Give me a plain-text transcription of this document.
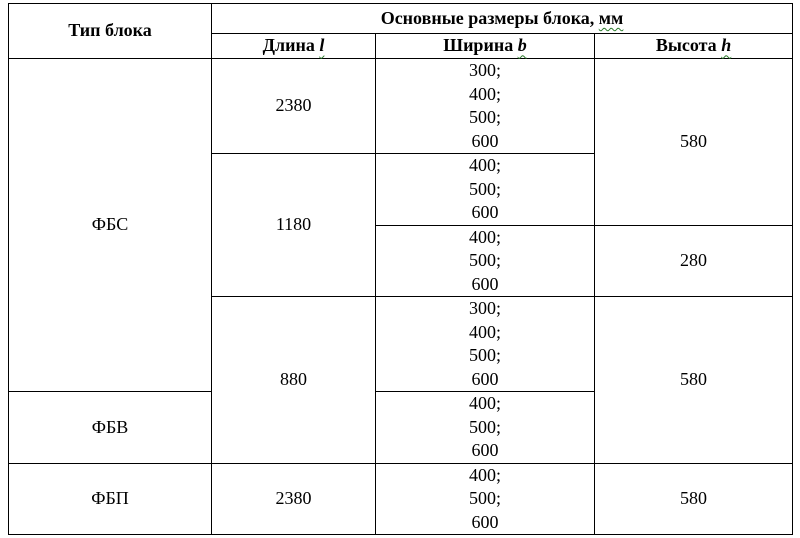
Тип блока	Основные размеры блока, мм		
	Длина l	Ширина b	Высота h
ФБС	2380	300;
400;
500;
600	580
	1180	400;
500;
600	

		400;
500;
600	280
	880	300;
400;
500;
600	580
ФБВ		400;
500;
600	

ФБП	2380	400;
500;
600	580
